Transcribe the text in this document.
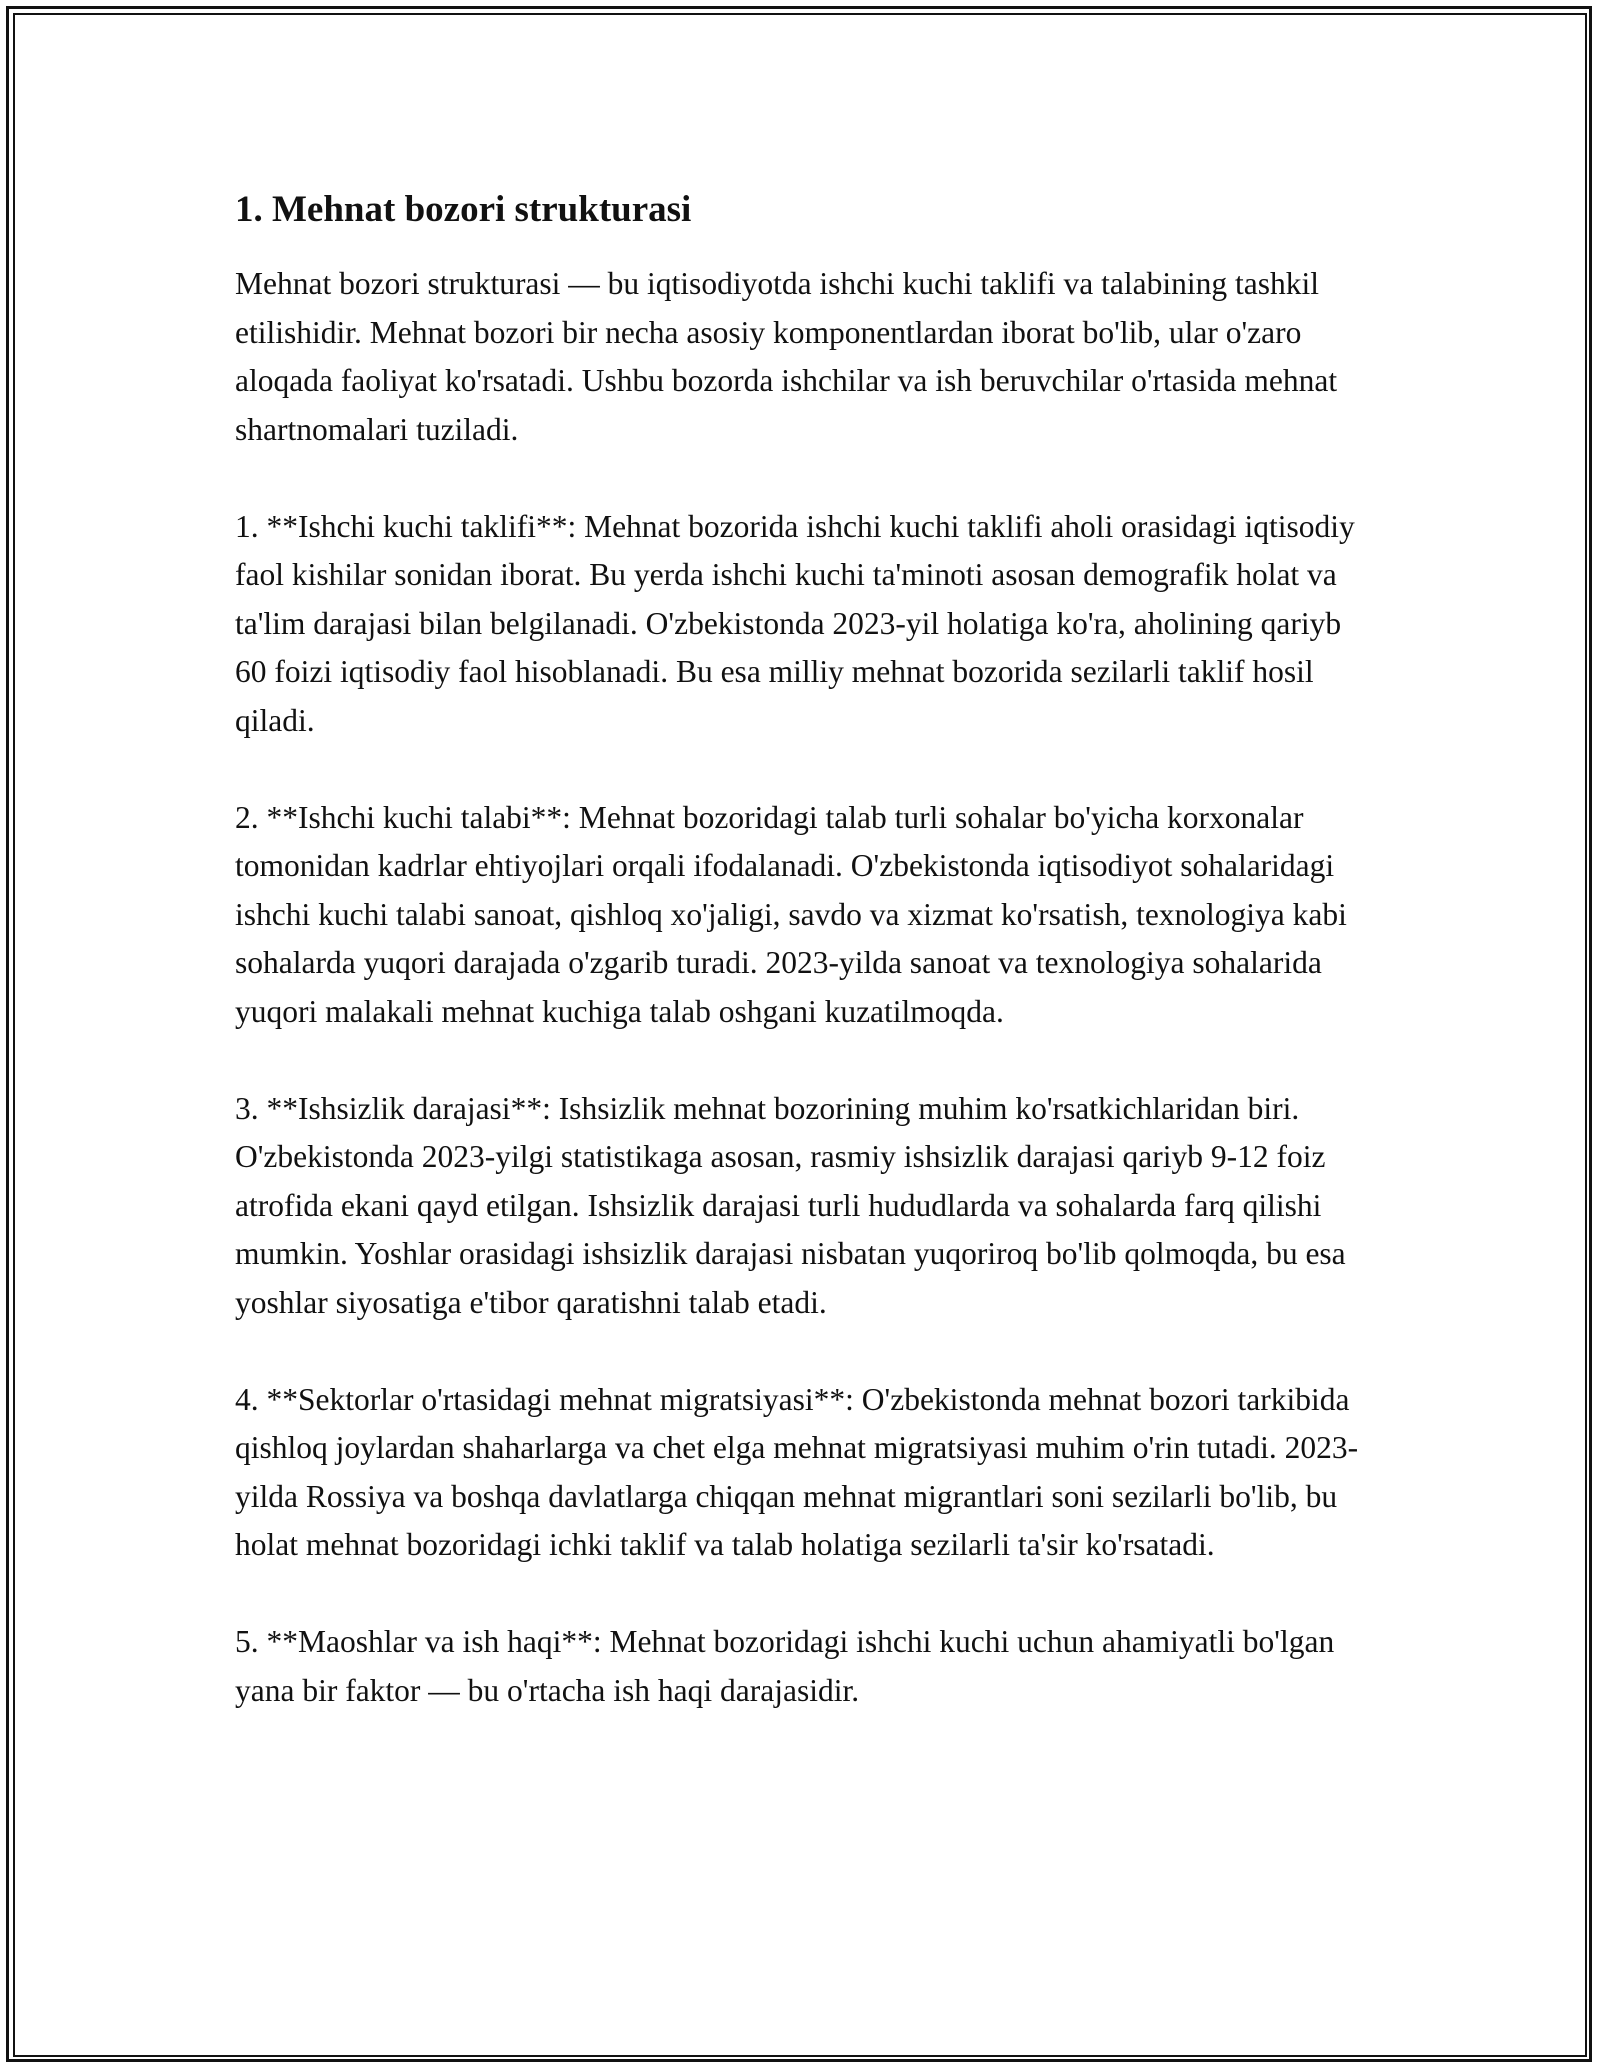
1. Mehnat bozori strukturasi

Mehnat bozori strukturasi — bu iqtisodiyotda ishchi kuchi taklifi va talabining tashkil etilishidir. Mehnat bozori bir necha asosiy komponentlardan iborat bo'lib, ular o'zaro aloqada faoliyat ko'rsatadi. Ushbu bozorda ishchilar va ish beruvchilar o'rtasida mehnat shartnomalari tuziladi.

1. **Ishchi kuchi taklifi**: Mehnat bozorida ishchi kuchi taklifi aholi orasidagi iqtisodiy faol kishilar sonidan iborat. Bu yerda ishchi kuchi ta'minoti asosan demografik holat va ta'lim darajasi bilan belgilanadi. O'zbekistonda 2023-yil holatiga ko'ra, aholining qariyb 60 foizi iqtisodiy faol hisoblanadi. Bu esa milliy mehnat bozorida sezilarli taklif hosil qiladi.

2. **Ishchi kuchi talabi**: Mehnat bozoridagi talab turli sohalar bo'yicha korxonalar tomonidan kadrlar ehtiyojlari orqali ifodalanadi. O'zbekistonda iqtisodiyot sohalaridagi ishchi kuchi talabi sanoat, qishloq xo'jaligi, savdo va xizmat ko'rsatish, texnologiya kabi sohalarda yuqori darajada o'zgarib turadi. 2023-yilda sanoat va texnologiya sohalarida yuqori malakali mehnat kuchiga talab oshgani kuzatilmoqda.

3. **Ishsizlik darajasi**: Ishsizlik mehnat bozorining muhim ko'rsatkichlaridan biri. O'zbekistonda 2023-yilgi statistikaga asosan, rasmiy ishsizlik darajasi qariyb 9-12 foiz atrofida ekani qayd etilgan. Ishsizlik darajasi turli hududlarda va sohalarda farq qilishi mumkin. Yoshlar orasidagi ishsizlik darajasi nisbatan yuqoriroq bo'lib qolmoqda, bu esa yoshlar siyosatiga e'tibor qaratishni talab etadi.

4. **Sektorlar o'rtasidagi mehnat migratsiyasi**: O'zbekistonda mehnat bozori tarkibida qishloq joylardan shaharlarga va chet elga mehnat migratsiyasi muhim o'rin tutadi. 2023-yilda Rossiya va boshqa davlatlarga chiqqan mehnat migrantlari soni sezilarli bo'lib, bu holat mehnat bozoridagi ichki taklif va talab holatiga sezilarli ta'sir ko'rsatadi.

5. **Maoshlar va ish haqi**: Mehnat bozoridagi ishchi kuchi uchun ahamiyatli bo'lgan yana bir faktor — bu o'rtacha ish haqi darajasidir.
